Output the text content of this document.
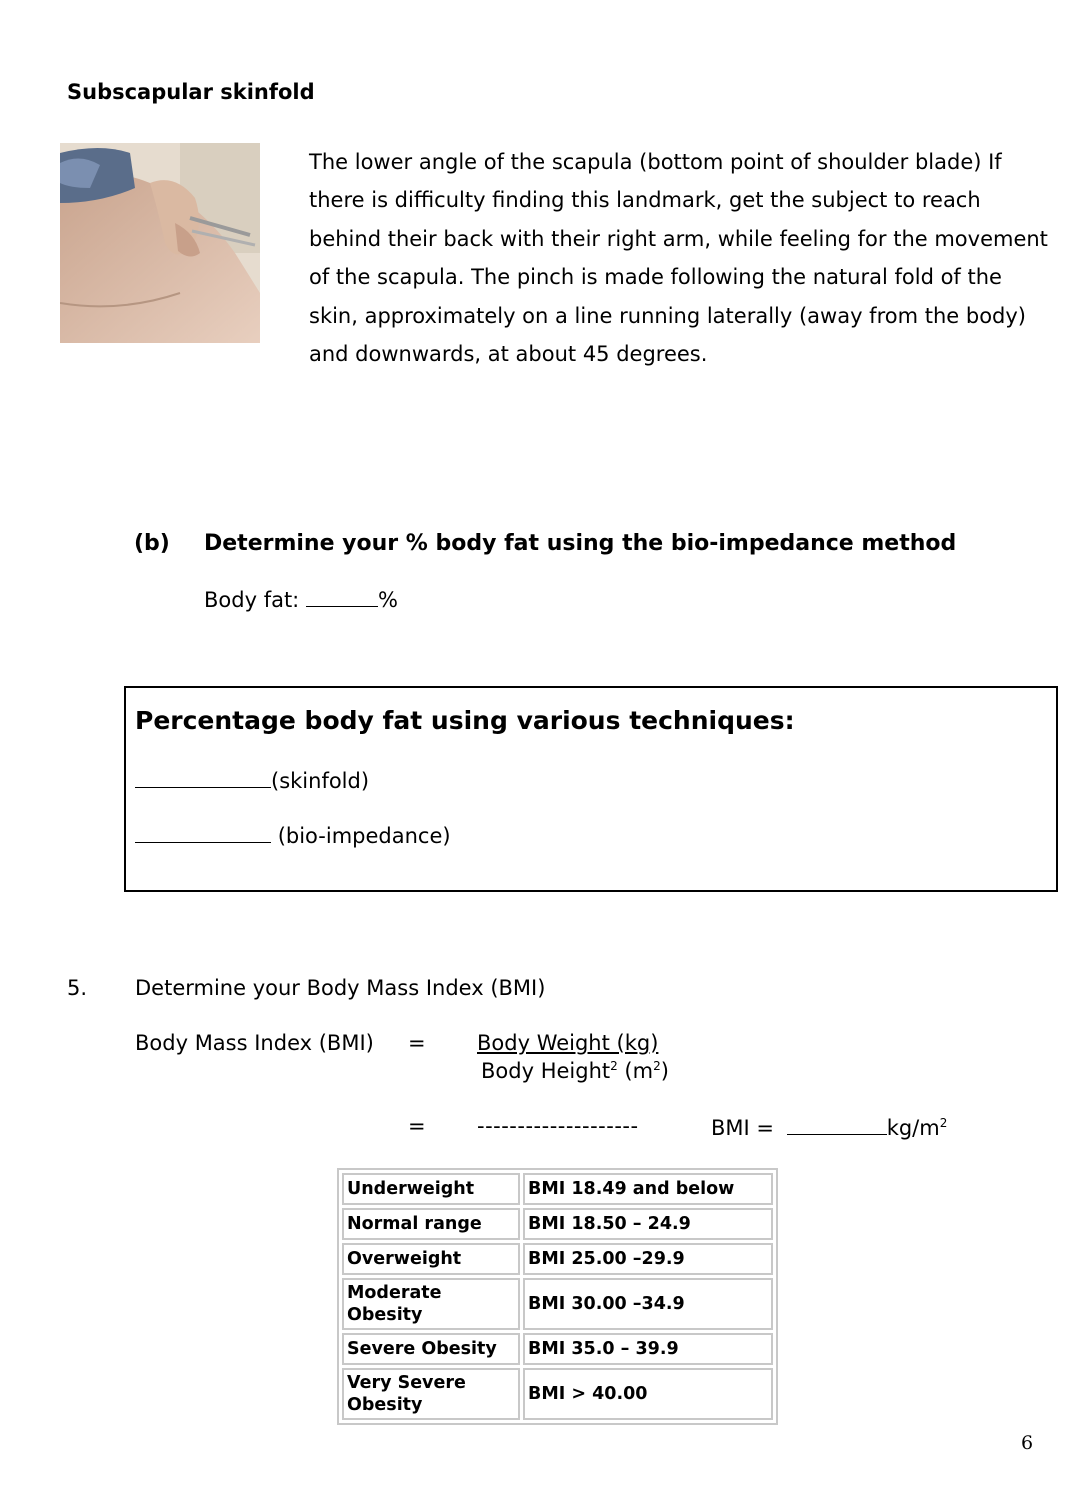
Subscapular skinfold
The lower angle of the scapula (bottom point of shoulder blade) If there is difficulty finding this landmark, get the subject to reach behind their back with their right arm, while feeling for the movement of the scapula. The pinch is made following the natural fold of the skin, approximately on a line running laterally (away from the body) and downwards, at about 45 degrees.
(b) Determine your % body fat using the bio-impedance method
Body fat:	%
Percentage body fat using various techniques:
(skinfold)
(bio-impedance)
5. Determine your Body Mass Index (BMI)
Body Mass Index (BMI) = Body Weight (kg)
Body Height$^2$ $(m^2)$
= --------------------	BMI =	$kg/m^2$
Underweight	BMI 18.49 and below
Normal range	BMI 18.50 – 24.9
Overweight	BMI 25.00 –29.9
Moderate Obesity	BMI 30.00 –34.9
Severe Obesity	BMI 35.0 – 39.9
Very Severe Obesity	BMI > 40.00
6
